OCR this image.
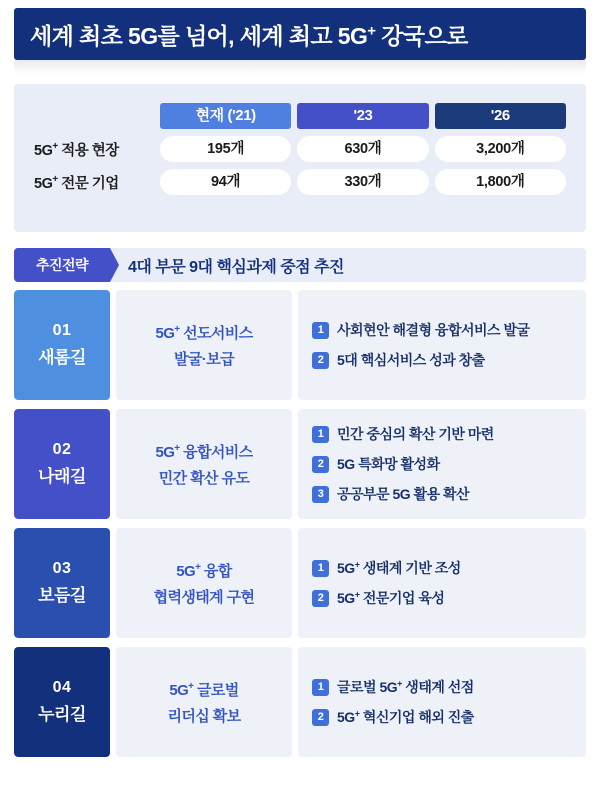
세계 최초 5G를 넘어, 세계 최고 5G+ 강국으로

	현재 ('21)	'23	'26

5G+ 적용 현장	195개	630개	3,200개

5G+ 전문 기업	94개	330개	1,800개
추진전략	4대 부문 9대 핵심과제 중점 추진
01
새롬길
5G+ 선도서비스
발굴·보급
1 사회현안 해결형 융합서비스 발굴
2 5대 핵심서비스 성과 창출
02
나래길
5G+ 융합서비스
민간 확산 유도
1 민간 중심의 확산 기반 마련
2 5G 특화망 활성화
3 공공부문 5G 활용 확산
03
보듬길
5G+ 융합
협력생태계 구현
1 5G+ 생태계 기반 조성
2 5G+ 전문기업 육성
04
누리길
5G+ 글로벌
리더십 확보
1 글로벌 5G+ 생태계 선점
2 5G+ 혁신기업 해외 진출
